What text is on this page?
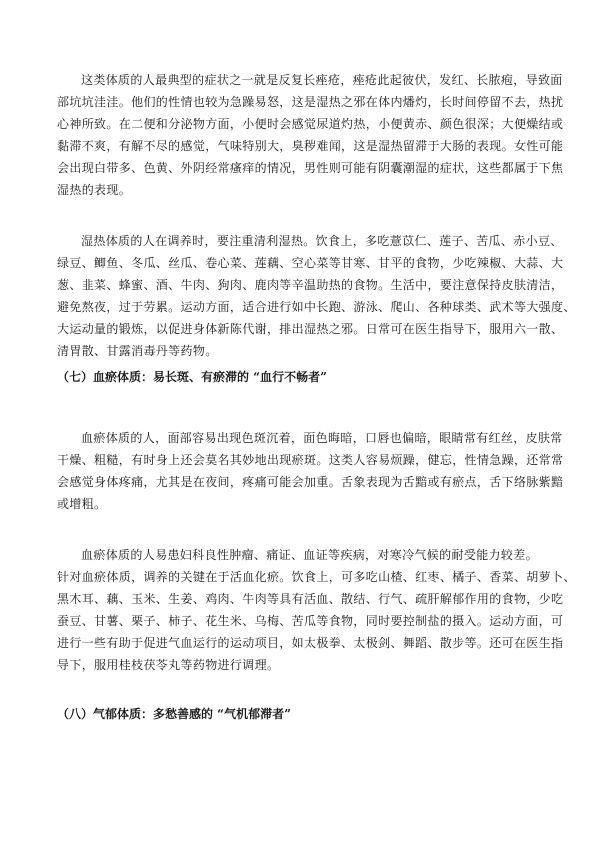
这类体质的人最典型的症状之一就是反复长痤疮，痤疮此起彼伏，发红、长脓疱，导致面
部坑坑洼洼。他们的性情也较为急躁易怒，这是湿热之邪在体内燔灼，长时间停留不去，热扰
心神所致。在二便和分泌物方面，小便时会感觉尿道灼热，小便黄赤、颜色很深；大便燥结或
黏滞不爽，有解不尽的感觉，气味特别大，臭秽难闻，这是湿热留滞于大肠的表现。女性可能
会出现白带多、色黄、外阴经常瘙痒的情况，男性则可能有阴囊潮湿的症状，这些都属于下焦
湿热的表现。
湿热体质的人在调养时，要注重清利湿热。饮食上，多吃薏苡仁、莲子、苦瓜、赤小豆、
绿豆、鲫鱼、冬瓜、丝瓜、卷心菜、莲藕、空心菜等甘寒、甘平的食物，少吃辣椒、大蒜、大
葱、韭菜、蜂蜜、酒、牛肉、狗肉、鹿肉等辛温助热的食物。生活中，要注意保持皮肤清洁，
避免熬夜，过于劳累。运动方面，适合进行如中长跑、游泳、爬山、各种球类、武术等大强度、
大运动量的锻炼，以促进身体新陈代谢，排出湿热之邪。日常可在医生指导下，服用六一散、
清胃散、甘露消毒丹等药物。
（七）血瘀体质：易长斑、有瘀滞的 “血行不畅者”
血瘀体质的人，面部容易出现色斑沉着，面色晦暗，口唇也偏暗，眼睛常有红丝，皮肤常
干燥、粗糙，有时身上还会莫名其妙地出现瘀斑。这类人容易烦躁，健忘，性情急躁，还常常
会感觉身体疼痛，尤其是在夜间，疼痛可能会加重。舌象表现为舌黯或有瘀点，舌下络脉紫黯
或增粗。
血瘀体质的人易患妇科良性肿瘤、痛证、血证等疾病，对寒冷气候的耐受能力较差。
针对血瘀体质，调养的关键在于活血化瘀。饮食上，可多吃山楂、红枣、橘子、香菜、胡萝卜、
黑木耳、藕、玉米、生姜、鸡肉、牛肉等具有活血、散结、行气、疏肝解郁作用的食物，少吃
蚕豆、甘薯、栗子、柿子、花生米、乌梅、苦瓜等食物，同时要控制盐的摄入。运动方面，可
进行一些有助于促进气血运行的运动项目，如太极拳、太极剑、舞蹈、散步等。还可在医生指
导下，服用桂枝茯苓丸等药物进行调理。
（八）气郁体质：多愁善感的 “气机郁滞者”
